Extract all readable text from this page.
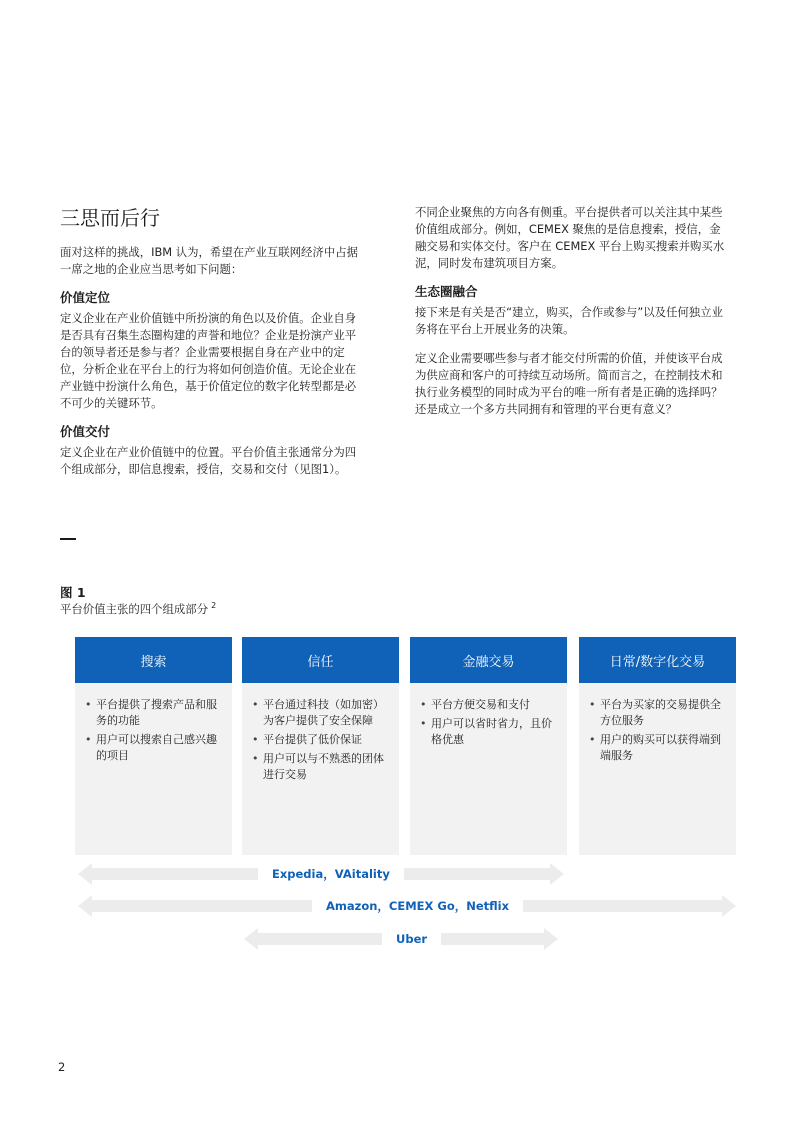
三思而后行

面对这样的挑战，IBM 认为，希望在产业互联网经济中占据一席之地的企业应当思考如下问题：

价值定位

定义企业在产业价值链中所扮演的角色以及价值。企业自身是否具有召集生态圈构建的声誉和地位？企业是扮演产业平台的领导者还是参与者？企业需要根据自身在产业中的定位，分析企业在平台上的行为将如何创造价值。无论企业在产业链中扮演什么角色，基于价值定位的数字化转型都是必不可少的关键环节。

价值交付

定义企业在产业价值链中的位置。平台价值主张通常分为四个组成部分，即信息搜索，授信，交易和交付（见图1）。

不同企业聚焦的方向各有侧重。平台提供者可以关注其中某些价值组成部分。例如，CEMEX 聚焦的是信息搜索，授信，金融交易和实体交付。客户在 CEMEX 平台上购买搜索并购买水泥，同时发布建筑项目方案。

生态圈融合

接下来是有关是否“建立，购买，合作或参与”以及任何独立业务将在平台上开展业务的决策。

定义企业需要哪些参与者才能交付所需的价值，并使该平台成为供应商和客户的可持续互动场所。简而言之，在控制技术和执行业务模型的同时成为平台的唯一所有者是正确的选择吗？还是成立一个多方共同拥有和管理的平台更有意义？

图 1
平台价值主张的四个组成部分 $^2$
搜索
• 平台提供了搜索产品和服务的功能
• 用户可以搜索自己感兴趣的项目
信任
• 平台通过科技（如加密）为客户提供了安全保障
• 平台提供了低价保证
• 用户可以与不熟悉的团体进行交易
金融交易
• 平台方便交易和支付
• 用户可以省时省力，且价格优惠
日常/数字化交易
• 平台为买家的交易提供全方位服务
• 用户的购买可以获得端到端服务
Expedia，VAitality
Amazon，CEMEX Go，Netflix
Uber
2
